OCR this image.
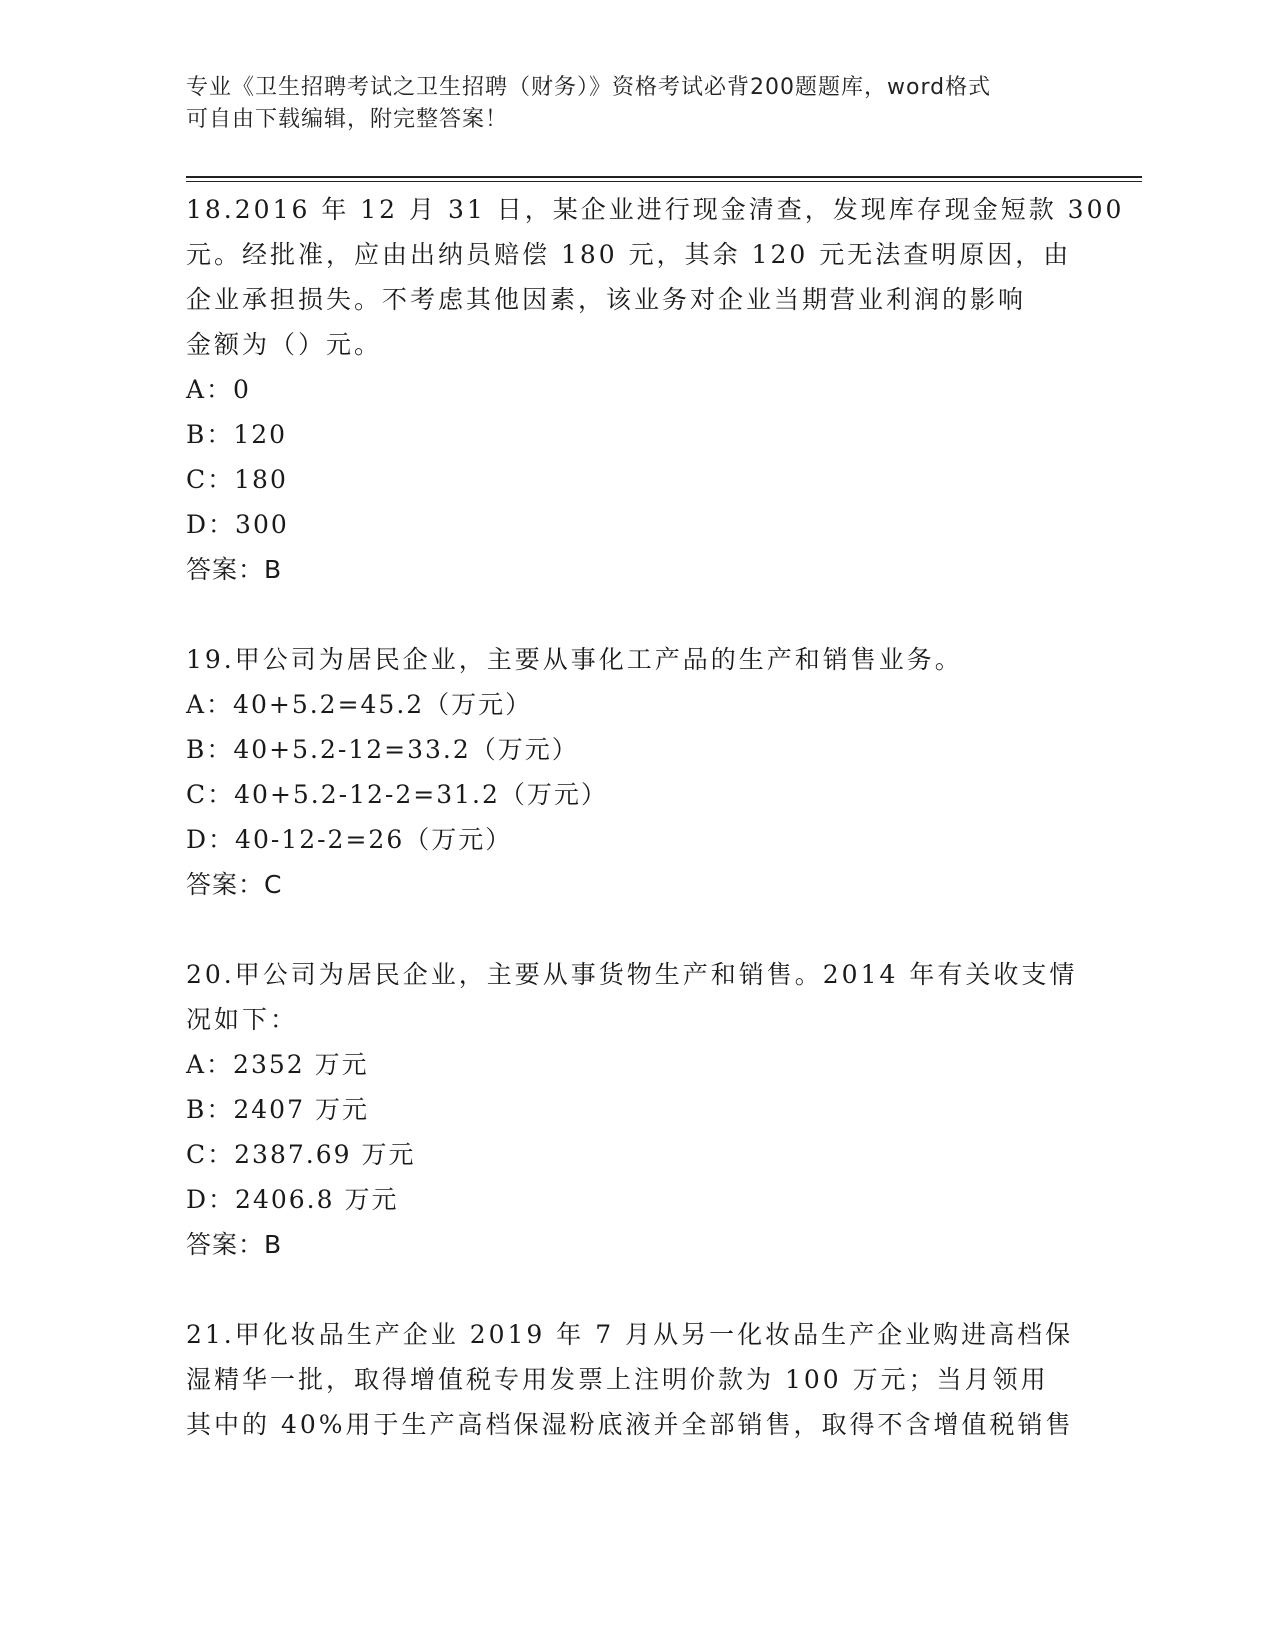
专业《卫生招聘考试之卫生招聘（财务）》资格考试必背200题题库，word格式
可自由下载编辑，附完整答案！
18.2016 年 12 月 31 日，某企业进行现金清查，发现库存现金短款 300
元。经批准，应由出纳员赔偿 180 元，其余 120 元无法查明原因，由
企业承担损失。不考虑其他因素，该业务对企业当期营业利润的影响
金额为（）元。
A：0
B：120
C：180
D：300
答案：B
19.甲公司为居民企业，主要从事化工产品的生产和销售业务。
A：40+5.2=45.2（万元）
B：40+5.2-12=33.2（万元）
C：40+5.2-12-2=31.2（万元）
D：40-12-2=26（万元）
答案：C
20.甲公司为居民企业，主要从事货物生产和销售。2014 年有关收支情
况如下：
A：2352 万元
B：2407 万元
C：2387.69 万元
D：2406.8 万元
答案：B
21.甲化妆品生产企业 2019 年 7 月从另一化妆品生产企业购进高档保
湿精华一批，取得增值税专用发票上注明价款为 100 万元；当月领用
其中的 40%用于生产高档保湿粉底液并全部销售，取得不含增值税销售
